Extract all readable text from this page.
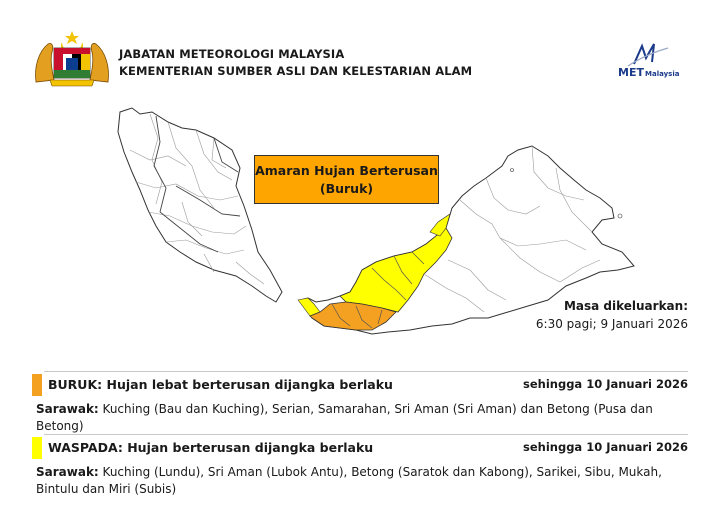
JABATAN METEOROLOGI MALAYSIA
KEMENTERIAN SUMBER ASLI DAN KELESTARIAN ALAM	MET Malaysia
Amaran Hujan Berterusan
(Buruk)
Masa dikeluarkan:
6:30 pagi; 9 Januari 2026
BURUK: Hujan lebat berterusan dijangka berlaku	sehingga 10 Januari 2026
Sarawak: Kuching (Bau dan Kuching), Serian, Samarahan, Sri Aman (Sri Aman) dan Betong (Pusa dan Betong)
WASPADA: Hujan berterusan dijangka berlaku	sehingga 10 Januari 2026
Sarawak: Kuching (Lundu), Sri Aman (Lubok Antu), Betong (Saratok dan Kabong), Sarikei, Sibu, Mukah, Bintulu dan Miri (Subis)
